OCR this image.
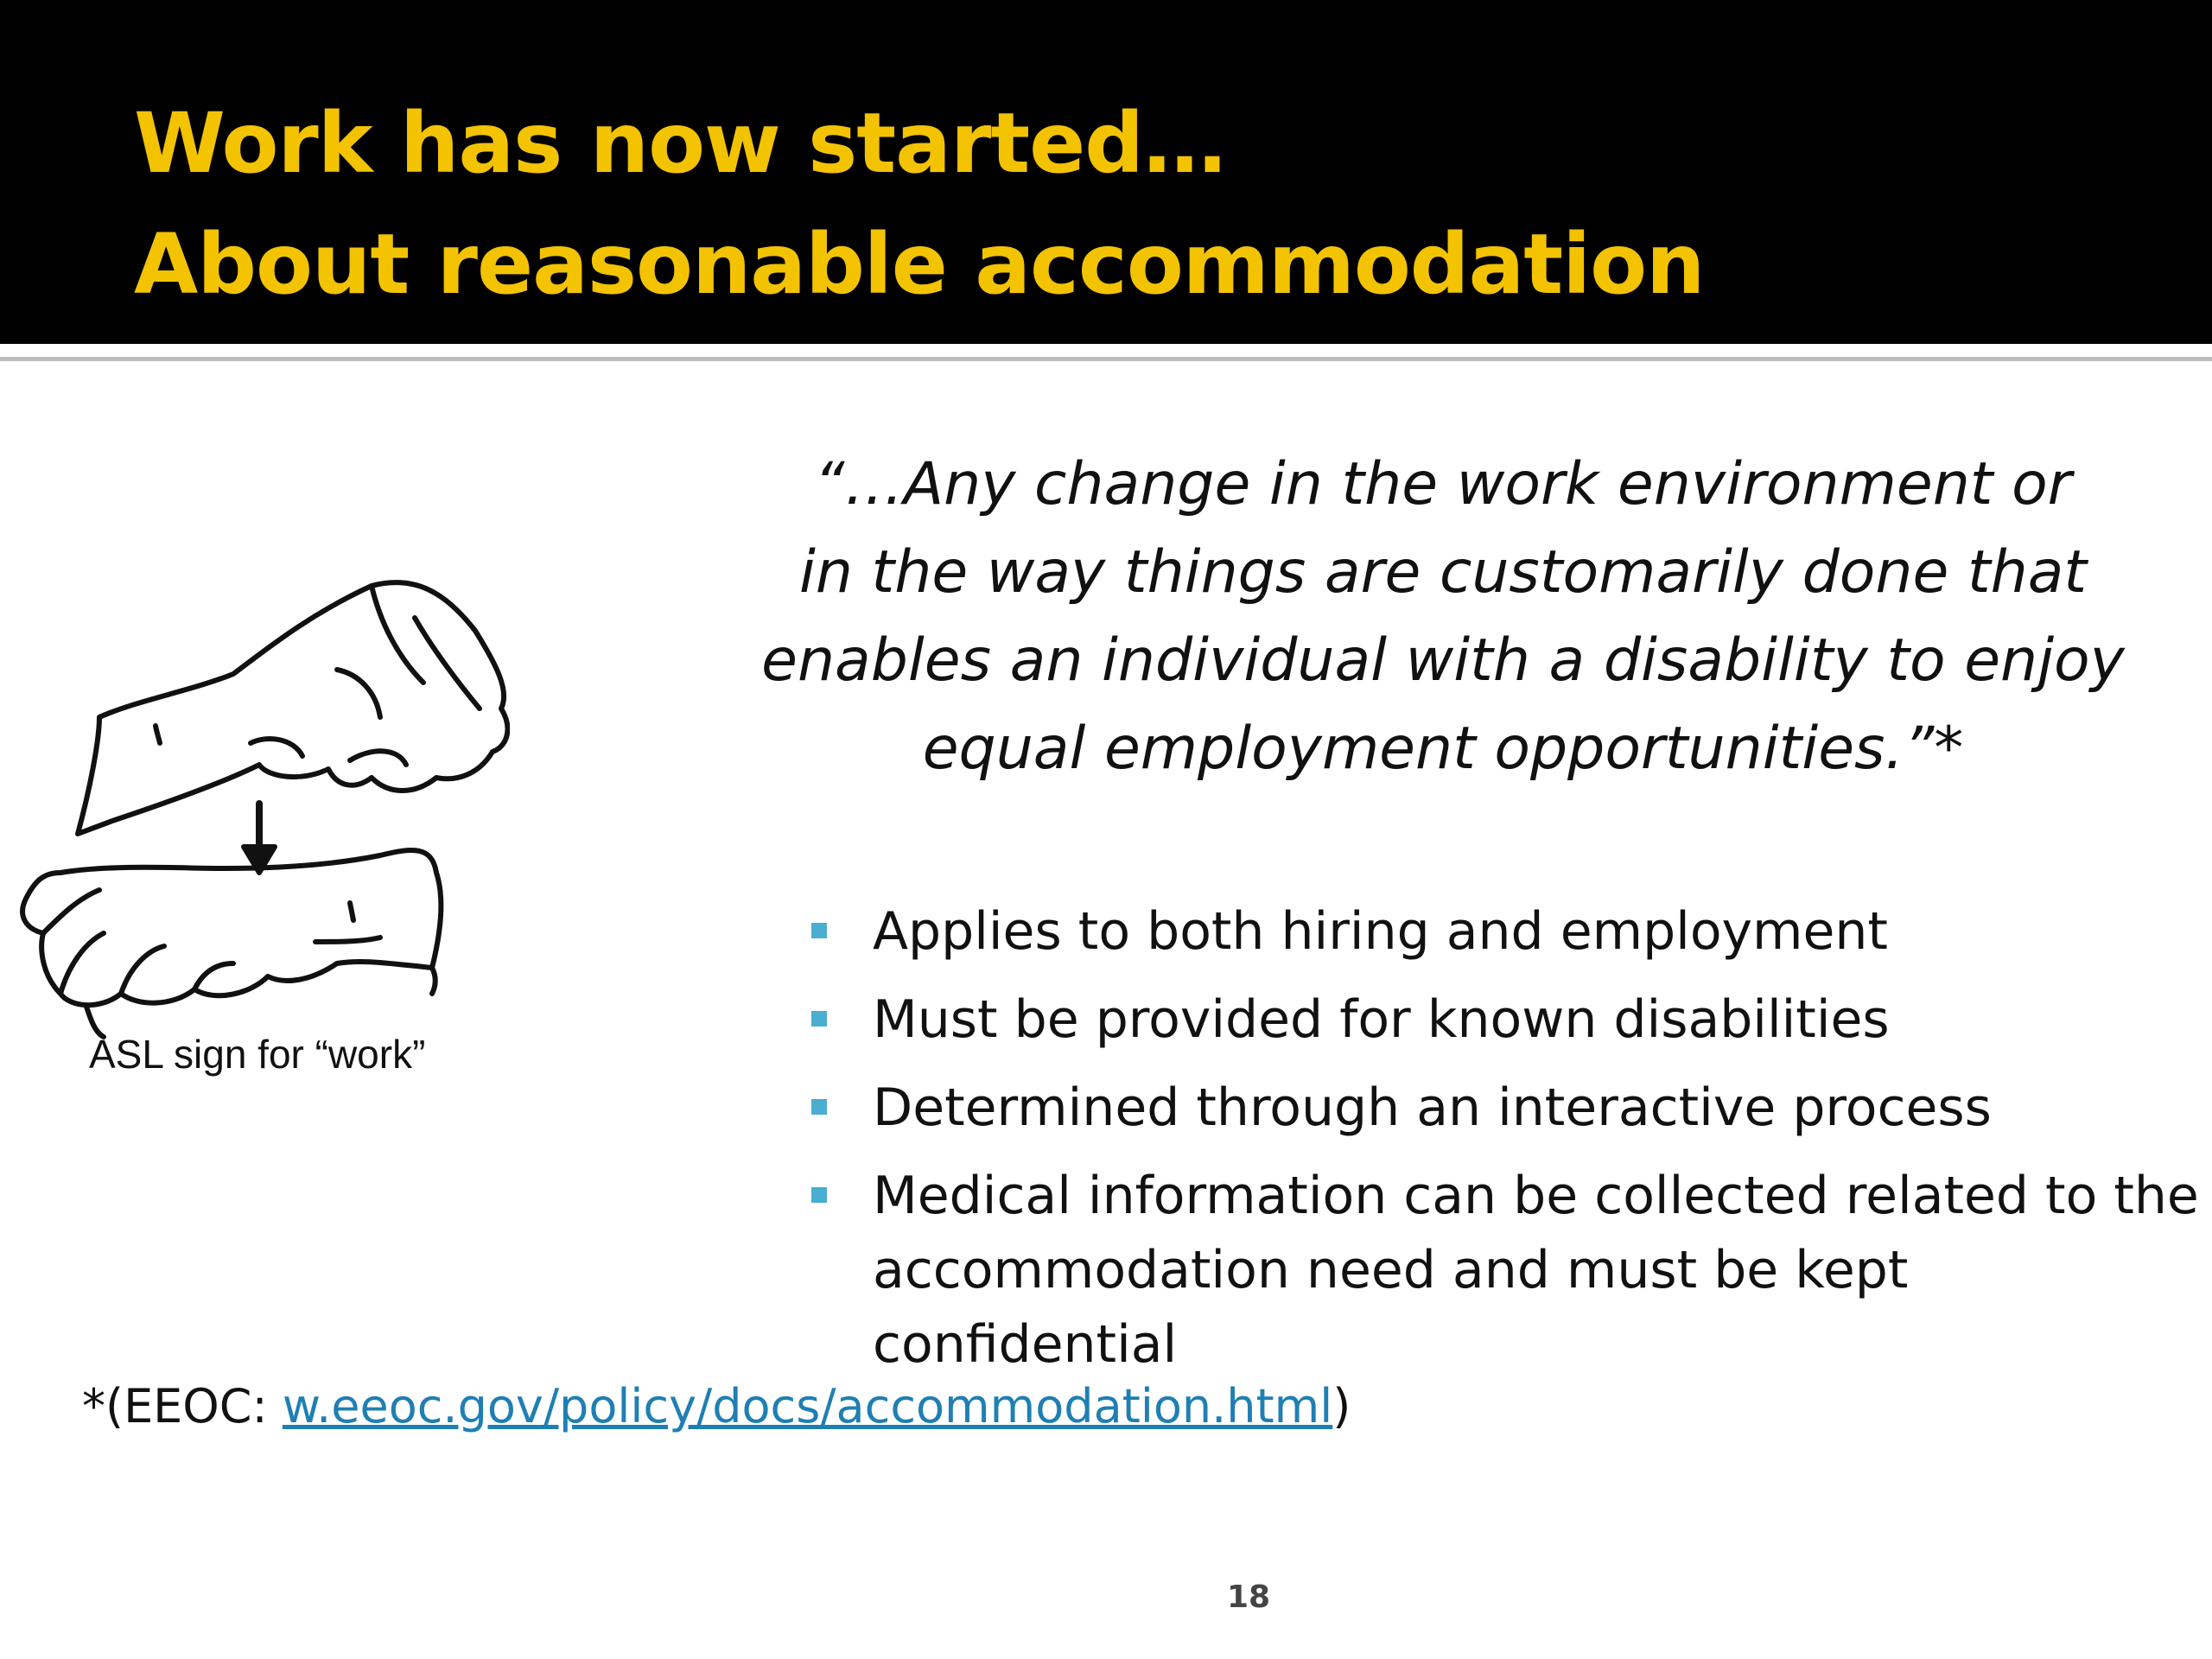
Work has now started…
About reasonable accommodation
“…Any change in the work environment or
in the way things are customarily done that
enables an individual with a disability to enjoy
equal employment opportunities.”*
Applies to both hiring and employment
Must be provided for known disabilities
Determined through an interactive process
Medical information can be collected related to the
accommodation need and must be kept
confidential
ASL sign for “work”
*(EEOC: w.eeoc.gov/policy/docs/accommodation.html)
18
